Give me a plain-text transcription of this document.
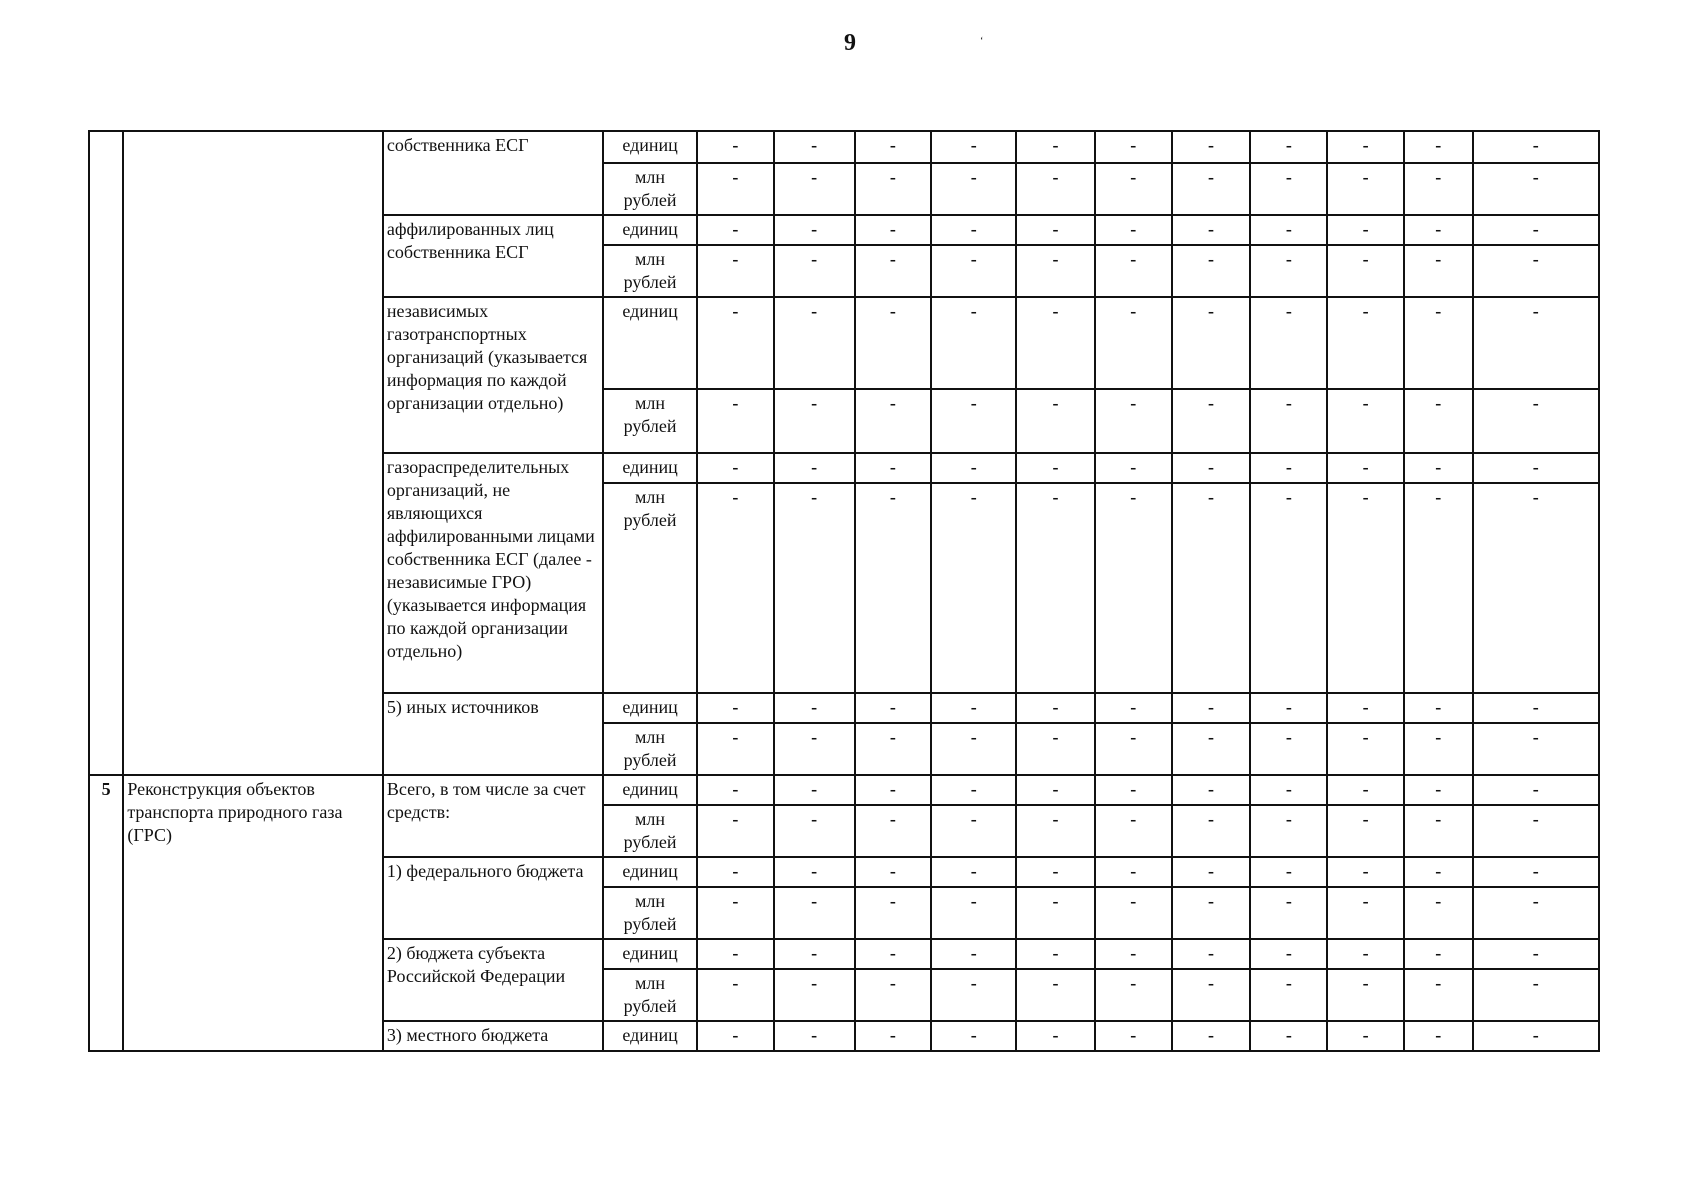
9	‘
		собственника ЕСГ	единиц	-	-	-	-	-	-	-	-	-	-	-
			млн рублей	-	-	-	-	-	-	-	-	-	-	-
		аффилированных лиц собственника ЕСГ	единиц	-	-	-	-	-	-	-	-	-	-	-
			млн рублей	-	-	-	-	-	-	-	-	-	-	-
		независимых газотранспортных организаций (указывается информация по каждой организации отдельно)	единиц	-	-	-	-	-	-	-	-	-	-	-
			млн рублей	-	-	-	-	-	-	-	-	-	-	-
		газораспределительных организаций, не являющихся аффилированными лицами собственника ЕСГ (далее - независимые ГРО) (указывается информация по каждой организации отдельно)	единиц	-	-	-	-	-	-	-	-	-	-	-
			млн рублей	-	-	-	-	-	-	-	-	-	-	-
		5) иных источников	единиц	-	-	-	-	-	-	-	-	-	-	-
			млн рублей	-	-	-	-	-	-	-	-	-	-	-
5	Реконструкция объектов транспорта природного газа (ГРС)	Всего, в том числе за счет средств:	единиц	-	-	-	-	-	-	-	-	-	-	-
			млн рублей	-	-	-	-	-	-	-	-	-	-	-
		1) федерального бюджета	единиц	-	-	-	-	-	-	-	-	-	-	-
			млн рублей	-	-	-	-	-	-	-	-	-	-	-
		2) бюджета субъекта Российской Федерации	единиц	-	-	-	-	-	-	-	-	-	-	-
			млн рублей	-	-	-	-	-	-	-	-	-	-	-
		3) местного бюджета	единиц	-	-	-	-	-	-	-	-	-	-	-
